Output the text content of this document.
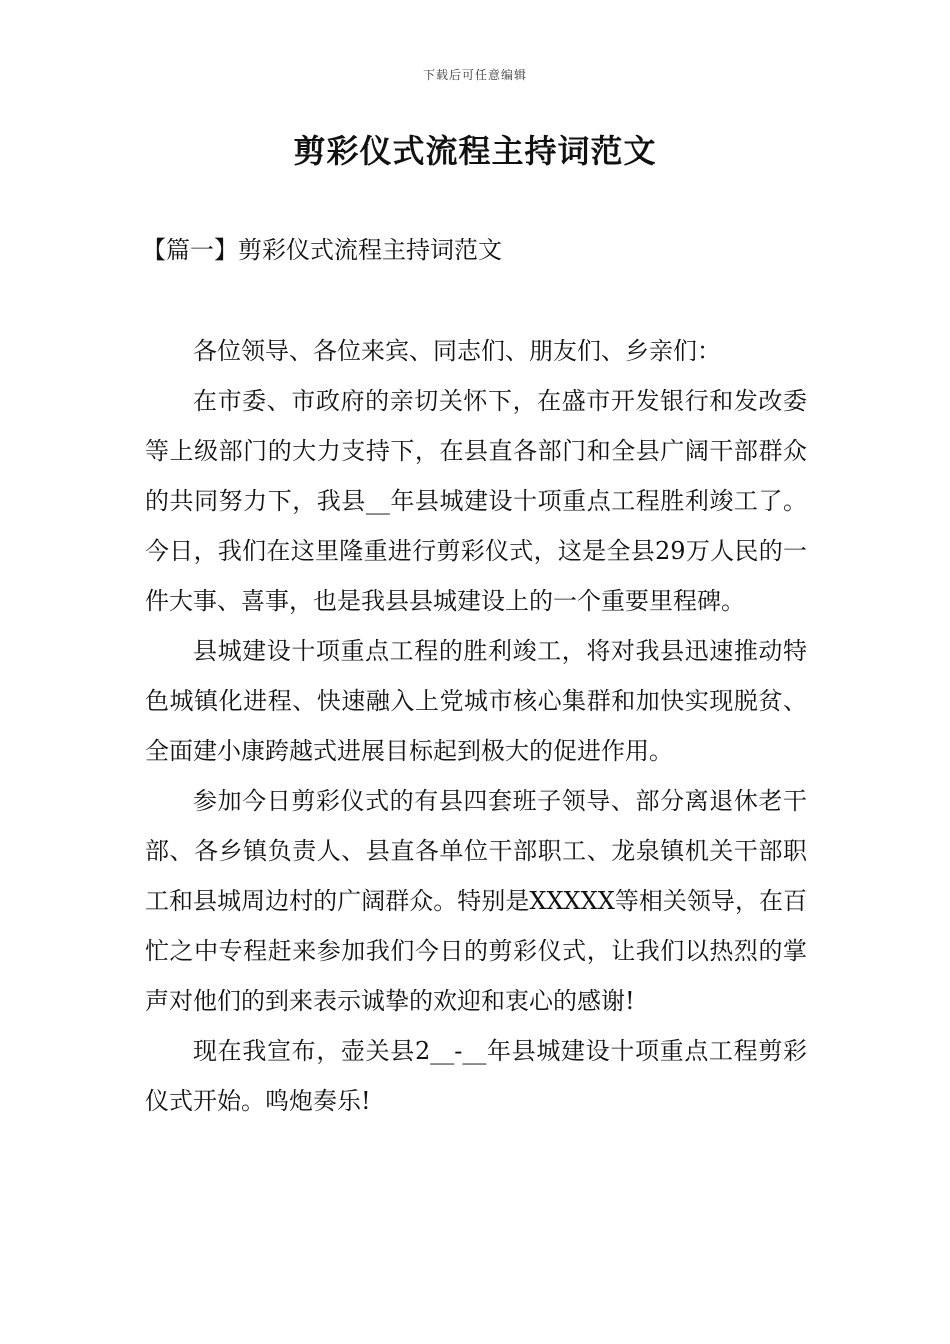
下载后可任意编辑
剪彩仪式流程主持词范文
【篇一】剪彩仪式流程主持词范文

各位领导、各位来宾、同志们、朋友们、乡亲们：

在市委、市政府的亲切关怀下，在盛市开发银行和发改委等上级部门的大力支持下，在县直各部门和全县广阔干部群众的共同努力下，我县__年县城建设十项重点工程胜利竣工了。今日，我们在这里隆重进行剪彩仪式，这是全县29万人民的一件大事、喜事，也是我县县城建设上的一个重要里程碑。

县城建设十项重点工程的胜利竣工，将对我县迅速推动特色城镇化进程、快速融入上党城市核心集群和加快实现脱贫、全面建小康跨越式进展目标起到极大的促进作用。

参加今日剪彩仪式的有县四套班子领导、部分离退休老干部、各乡镇负责人、县直各单位干部职工、龙泉镇机关干部职工和县城周边村的广阔群众。特别是XXXXX等相关领导，在百忙之中专程赶来参加我们今日的剪彩仪式，让我们以热烈的掌声对他们的到来表示诚挚的欢迎和衷心的感谢!

现在我宣布，壶关县2__-__年县城建设十项重点工程剪彩仪式开始。鸣炮奏乐!
